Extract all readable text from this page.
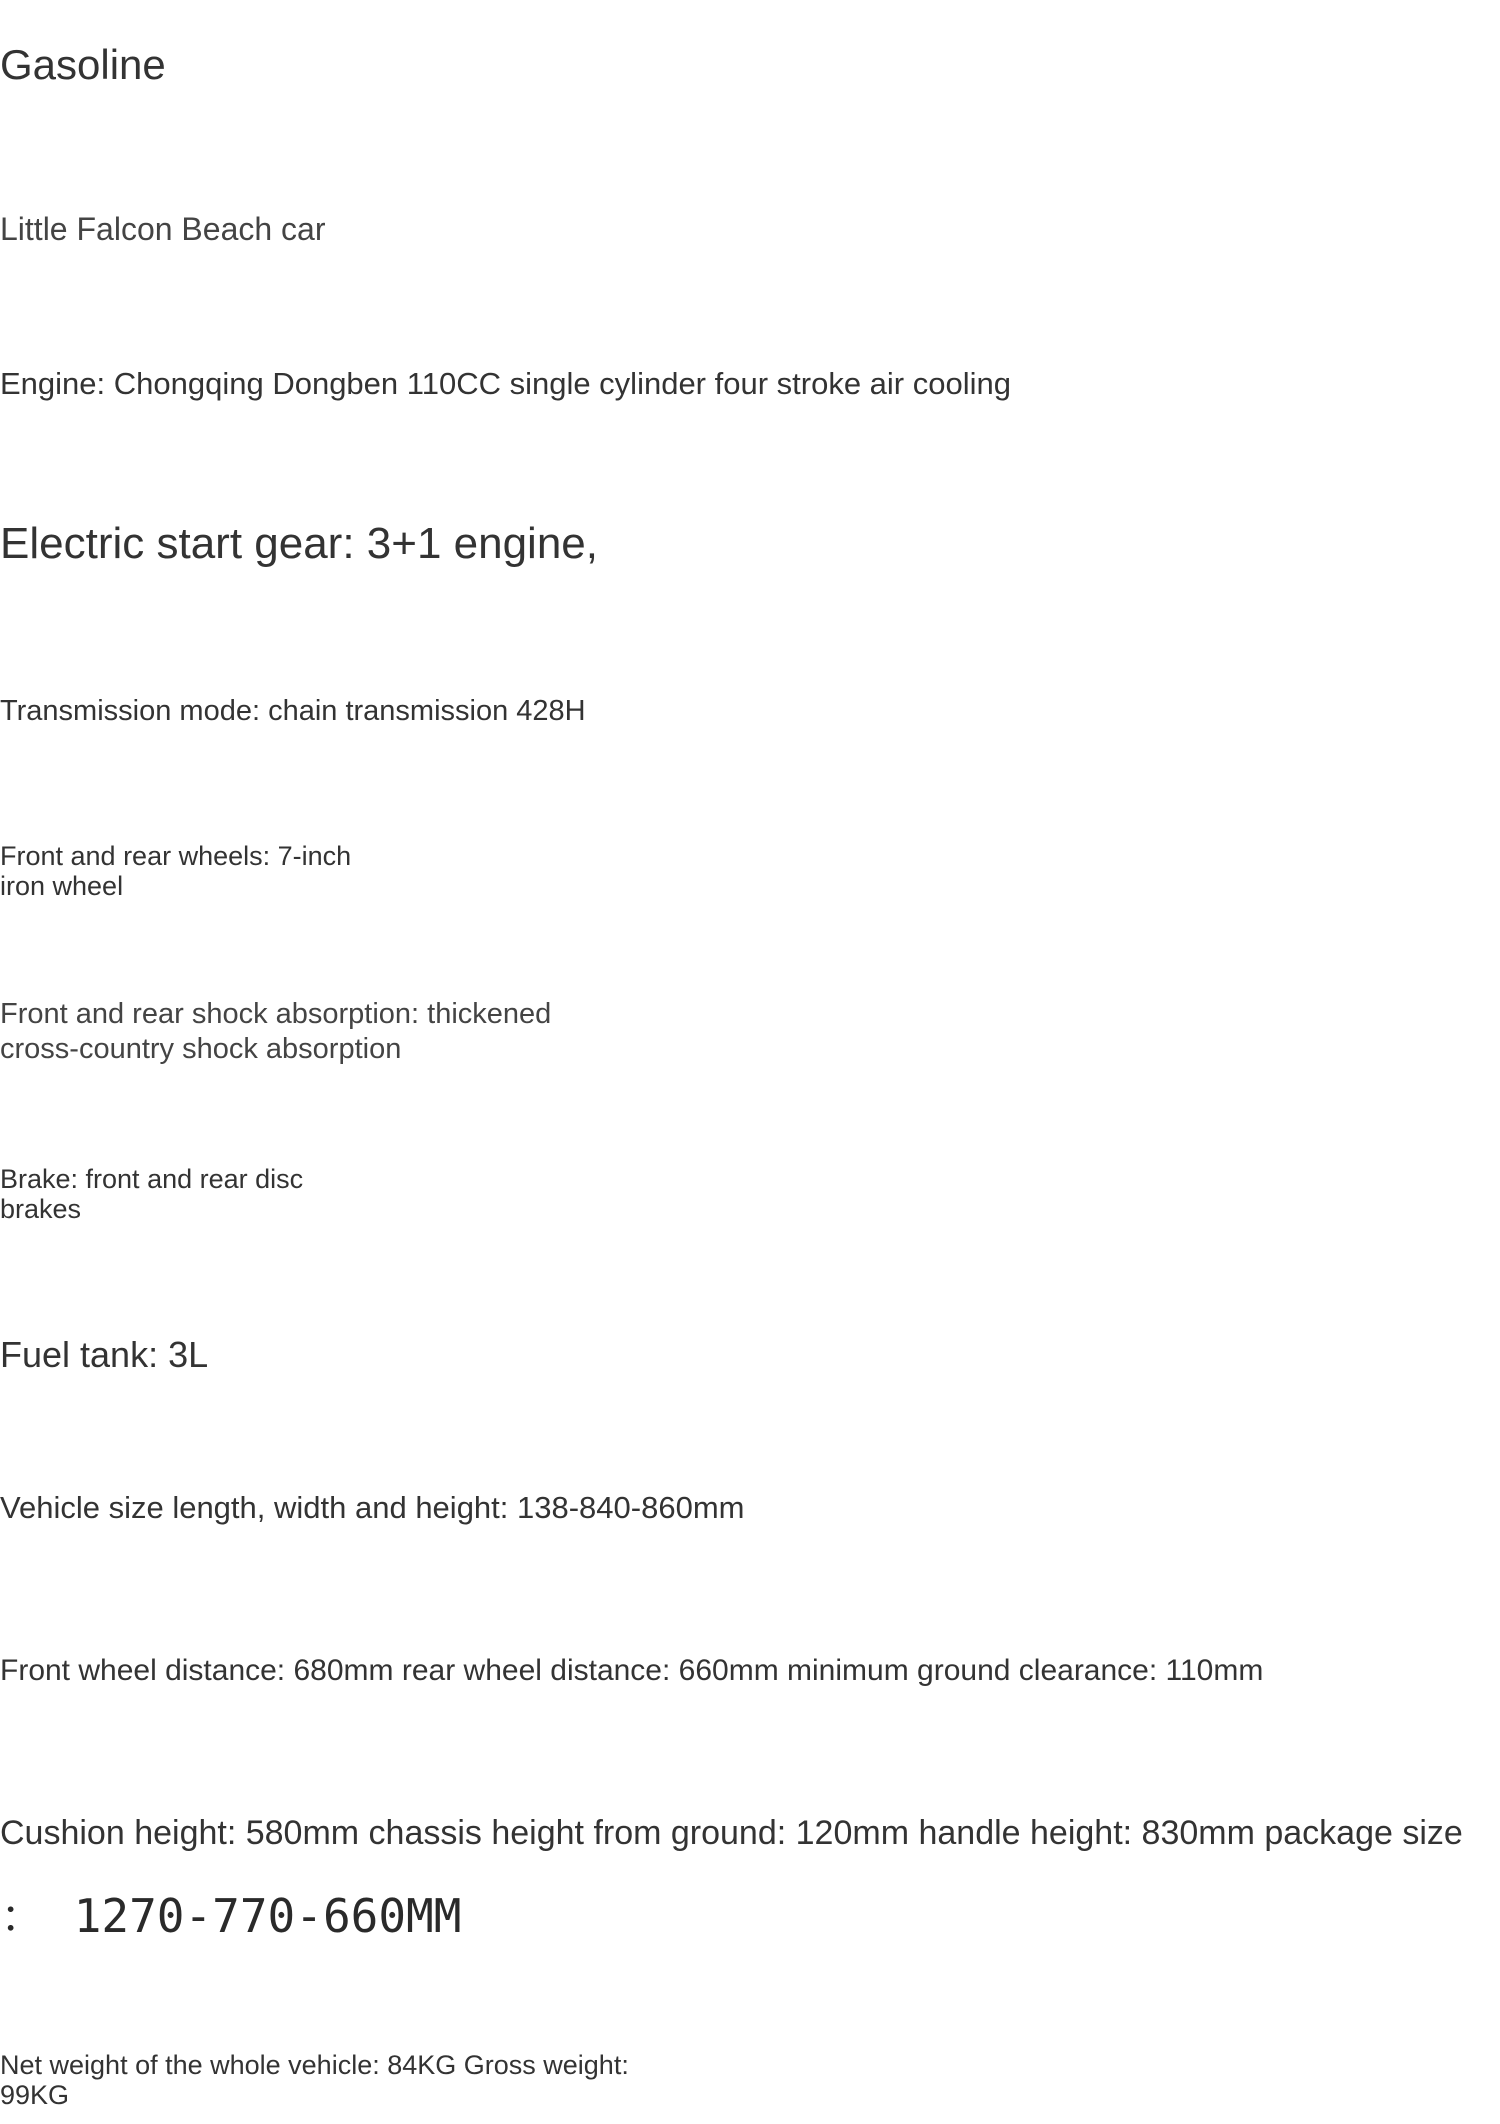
Gasoline

Little Falcon Beach car

Engine: Chongqing Dongben 110CC single cylinder four stroke air cooling

Electric start gear: 3+1 engine,

Transmission mode: chain transmission 428H

Front and rear wheels: 7-inch

iron wheel

Front and rear shock absorption: thickened

cross-country shock absorption

Brake: front and rear disc

brakes

Fuel tank: 3L

Vehicle size length, width and height: 138-840-860mm

Front wheel distance: 680mm rear wheel distance: 660mm minimum ground clearance: 110mm

Cushion height: 580mm chassis height from ground: 120mm handle height: 830mm package size

： 1270-770-660MM

Net weight of the whole vehicle: 84KG Gross weight:

99KG
